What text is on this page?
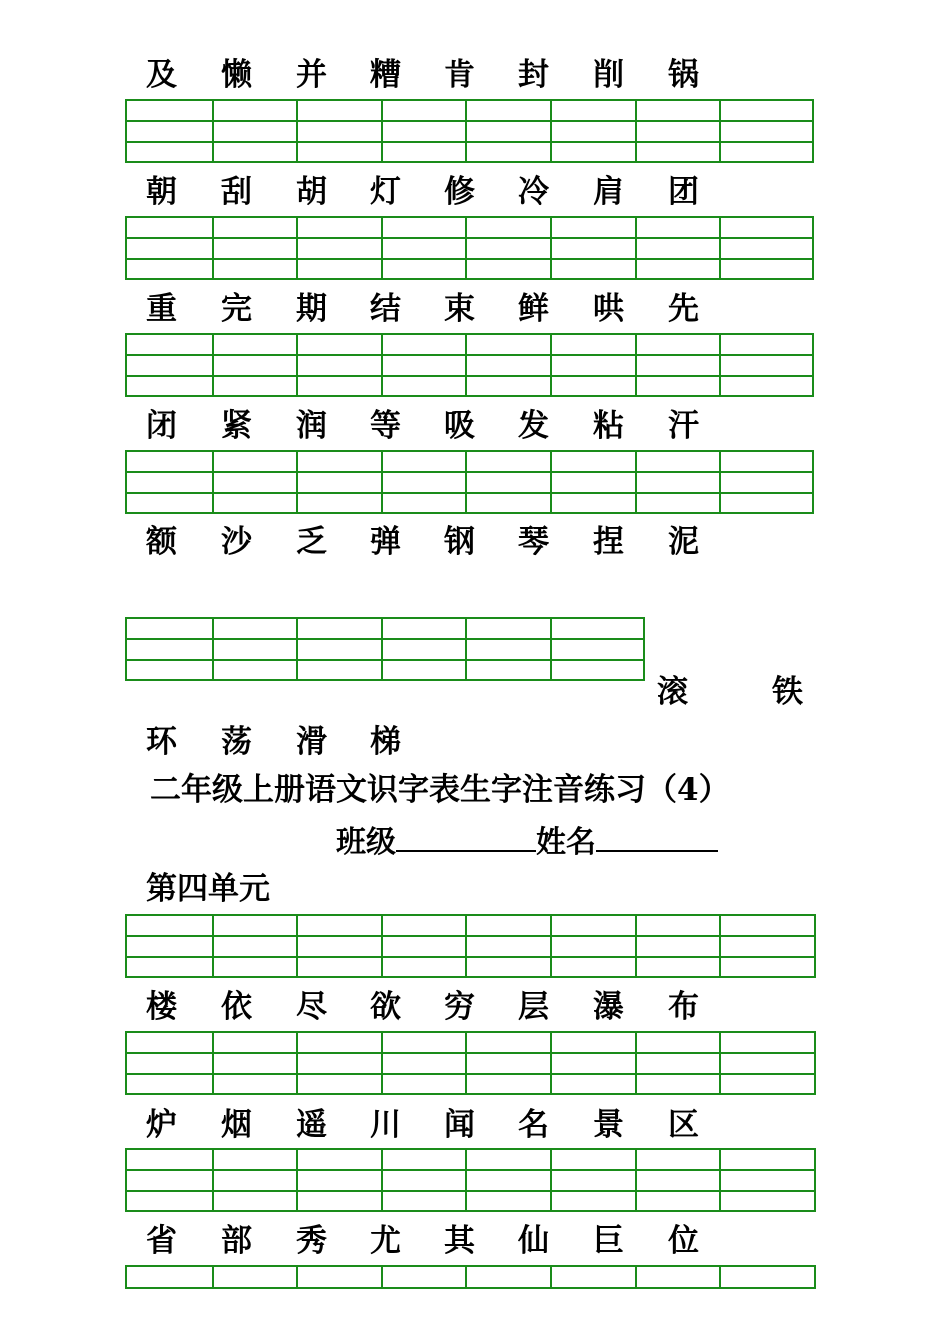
及 懒 并 糟 肯 封 削 锅
朝 刮 胡 灯 修 冷 肩 团
重 完 期 结 束 鲜 哄 先
闭 紧 润 等 吸 发 粘 汗
额 沙 乏 弹 钢 琴 捏 泥
滚	铁
环 荡 滑 梯
二年级上册语文识字表生字注音练习（4）
班级	姓名
第四单元
楼 依 尽 欲 穷 层 瀑 布
炉 烟 遥 川 闻 名 景 区
省 部 秀 尤 其 仙 巨 位
